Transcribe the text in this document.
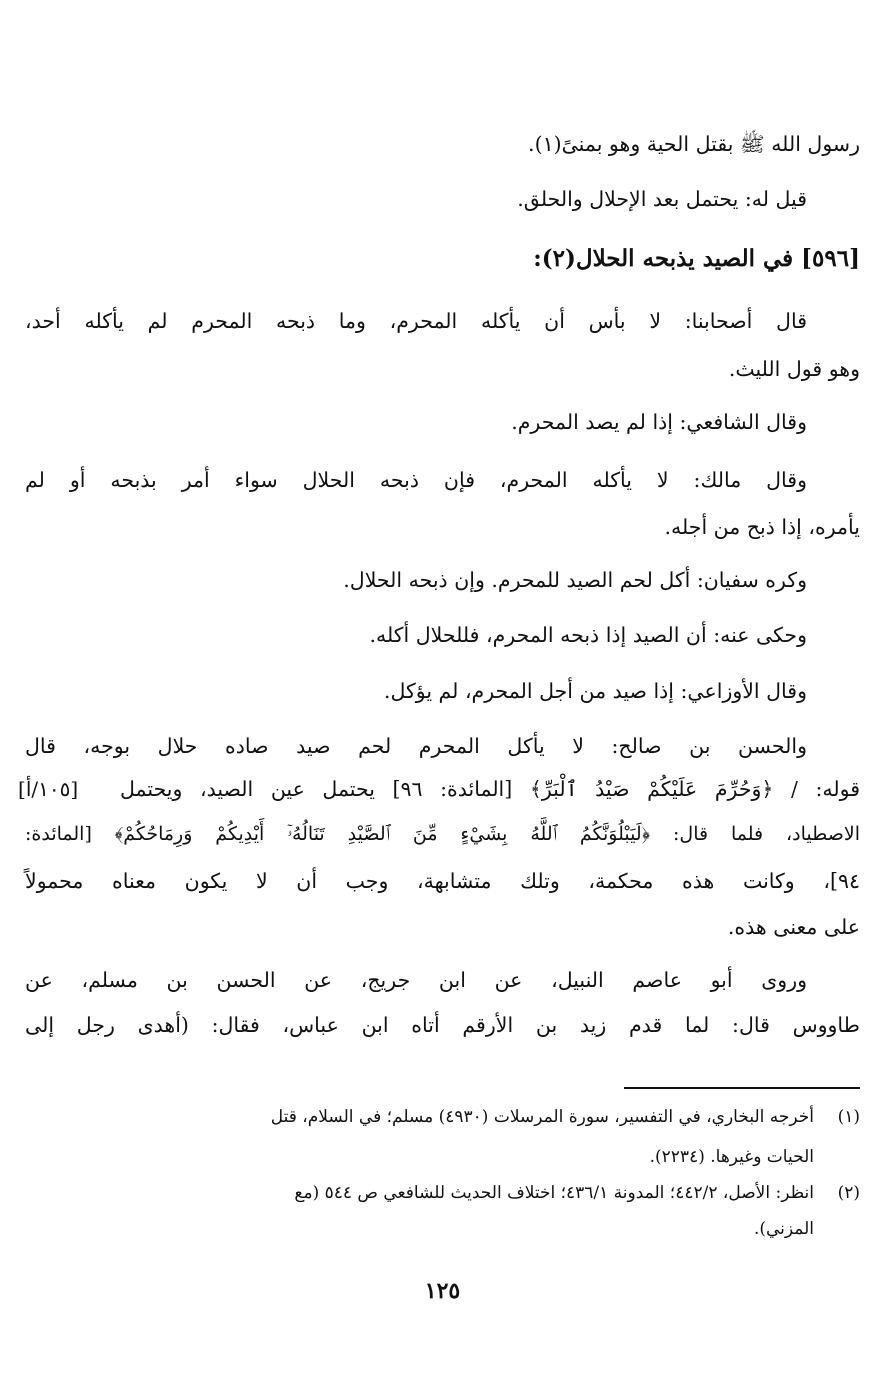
رسول الله ﷺ بقتل الحية وهو بمنىً(١).
قيل له: يحتمل بعد الإحلال والحلق.
[٥٩٦] في الصيد يذبحه الحلال(٢):
قال أصحابنا: لا بأس أن يأكله المحرم، وما ذبحه المحرم لم يأكله أحد،
وهو قول الليث.
وقال الشافعي: إذا لم يصد المحرم.
وقال مالك: لا يأكله المحرم، فإن ذبحه الحلال سواء أمر بذبحه أو لم
يأمره، إذا ذبح من أجله.
وكره سفيان: أكل لحم الصيد للمحرم. وإن ذبحه الحلال.
وحكى عنه: أن الصيد إذا ذبحه المحرم، فللحلال أكله.
وقال الأوزاعي: إذا صيد من أجل المحرم، لم يؤكل.
والحسن بن صالح: لا يأكل المحرم لحم صيد صاده حلال بوجه، قال
قوله: / ﴿وَحُرِّمَ عَلَيْكُمْ صَيْدُ ٱلْبَرِّ﴾ [المائدة: ٩٦] يحتمل عين الصيد، ويحتمل
الاصطياد، فلما قال: ﴿لَيَبْلُوَنَّكُمُ ٱللَّهُ بِشَيْءٍ مِّنَ ٱلصَّيْدِ تَنَالُهُۥٓ أَيْدِيكُمْ وَرِمَاحُكُمْ﴾ [المائدة:
٩٤]، وكانت هذه محكمة، وتلك متشابهة، وجب أن لا يكون معناه محمولاً
على معنى هذه.
وروى أبو عاصم النبيل، عن ابن جريج، عن الحسن بن مسلم، عن
طاووس قال: لما قدم زيد بن الأرقم أتاه ابن عباس، فقال: (أهدى رجل إلى
[١٠٥/أ]
(١)أخرجه البخاري، في التفسير، سورة المرسلات (٤٩٣٠) مسلم؛ في السلام، قتل
الحيات وغيرها. (٢٢٣٤).
(٢)انظر: الأصل، ٤٤٢/٢؛ المدونة ٤٣٦/١؛ اختلاف الحديث للشافعي ص ٥٤٤ (مع
المزني).
١٢٥
